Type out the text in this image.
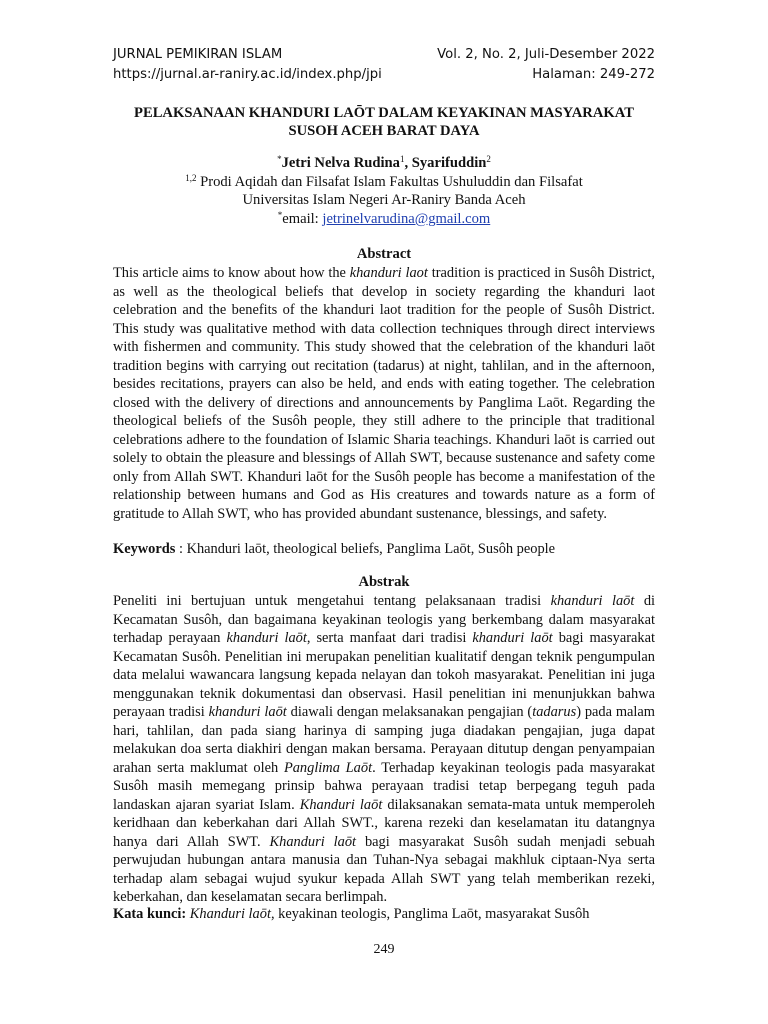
JURNAL PEMIKIRAN ISLAM	Vol. 2, No. 2, Juli-Desember 2022
https://jurnal.ar-raniry.ac.id/index.php/jpi	Halaman: 249-272
PELAKSANAAN KHANDURI LAŌT DALAM KEYAKINAN MASYARAKAT
SUSOH ACEH BARAT DAYA
*Jetri Nelva Rudina$^1$, Syarifuddin$^2$
$^{1,2}$ Prodi Aqidah dan Filsafat Islam Fakultas Ushuluddin dan Filsafat
Universitas Islam Negeri Ar-Raniry Banda Aceh
*email: jetrinelvarudina@gmail.com
Abstract
This article aims to know about how the khanduri laot tradition is practiced in Susôh District, as well as the theological beliefs that develop in society regarding the khanduri laot celebration and the benefits of the khanduri laot tradition for the people of Susôh District. This study was qualitative method with data collection techniques through direct interviews with fishermen and community. This study showed that the celebration of the khanduri laōt tradition begins with carrying out recitation (tadarus) at night, tahlilan, and in the afternoon, besides recitations, prayers can also be held, and ends with eating together. The celebration closed with the delivery of directions and announcements by Panglima Laōt. Regarding the theological beliefs of the Susôh people, they still adhere to the principle that traditional celebrations adhere to the foundation of Islamic Sharia teachings. Khanduri laōt is carried out solely to obtain the pleasure and blessings of Allah SWT, because sustenance and safety come only from Allah SWT. Khanduri laōt for the Susôh people has become a manifestation of the relationship between humans and God as His creatures and towards nature as a form of gratitude to Allah SWT, who has provided abundant sustenance, blessings, and safety.
Keywords : Khanduri laōt, theological beliefs, Panglima Laōt, Susôh people
Abstrak
Peneliti ini bertujuan untuk mengetahui tentang pelaksanaan tradisi khanduri laōt di Kecamatan Susôh, dan bagaimana keyakinan teologis yang berkembang dalam masyarakat terhadap perayaan khanduri laōt, serta manfaat dari tradisi khanduri laōt bagi masyarakat Kecamatan Susôh. Penelitian ini merupakan penelitian kualitatif dengan teknik pengumpulan data melalui wawancara langsung kepada nelayan dan tokoh masyarakat. Penelitian ini juga menggunakan teknik dokumentasi dan observasi. Hasil penelitian ini menunjukkan bahwa perayaan tradisi khanduri laōt diawali dengan melaksanakan pengajian (tadarus) pada malam hari, tahlilan, dan pada siang harinya di samping juga diadakan pengajian, juga dapat melakukan doa serta diakhiri dengan makan bersama. Perayaan ditutup dengan penyampaian arahan serta maklumat oleh Panglima Laōt. Terhadap keyakinan teologis pada masyarakat Susôh masih memegang prinsip bahwa perayaan tradisi tetap berpegang teguh pada landaskan ajaran syariat Islam. Khanduri laōt dilaksanakan semata-mata untuk memperoleh keridhaan dan keberkahan dari Allah SWT., karena rezeki dan keselamatan itu datangnya hanya dari Allah SWT. Khanduri laōt bagi masyarakat Susôh sudah menjadi sebuah perwujudan hubungan antara manusia dan Tuhan-Nya sebagai makhluk ciptaan-Nya serta terhadap alam sebagai wujud syukur kepada Allah SWT yang telah memberikan rezeki, keberkahan, dan keselamatan secara berlimpah.
Kata kunci: Khanduri laōt, keyakinan teologis, Panglima Laōt, masyarakat Susôh
249
